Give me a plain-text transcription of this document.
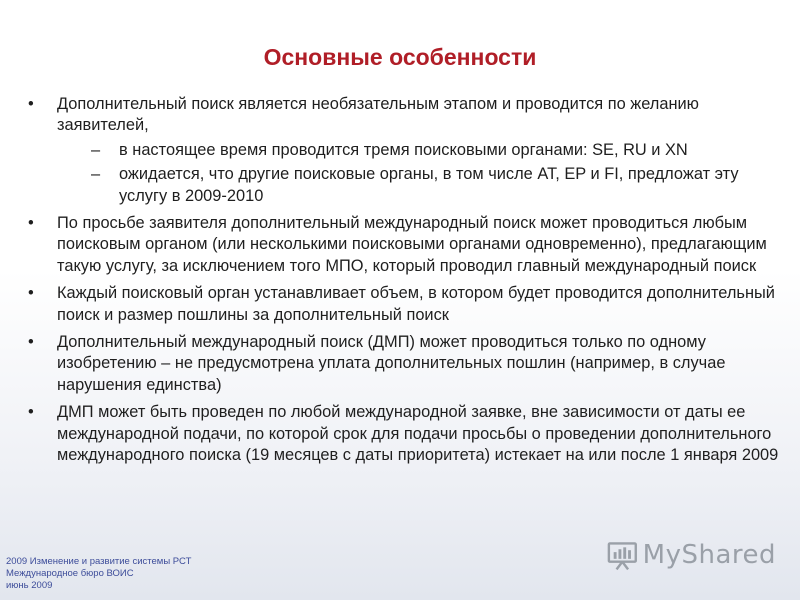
Основные особенности
•	Дополнительный поиск является необязательным этапом и проводится по желанию заявителей,
–	в настоящее время проводится тремя поисковыми органами: SE, RU и XN
–	ожидается, что другие поисковые органы, в том числе AT, EP и FI, предложат эту услугу в 2009-2010
•	По просьбе заявителя дополнительный международный поиск может проводиться любым поисковым органом (или несколькими поисковыми органами одновременно), предлагающим такую услугу, за исключением того МПО, который проводил главный международный поиск
•	Каждый поисковый орган устанавливает объем, в котором будет проводится дополнительный поиск и размер пошлины за дополнительный поиск
•	Дополнительный международный поиск (ДМП) может проводиться только по одному изобретению – не предусмотрена уплата дополнительных пошлин (например, в случае нарушения единства)
•	ДМП может быть проведен по любой международной заявке, вне зависимости от даты ее международной подачи, по которой срок для подачи просьбы о проведении дополнительного международного поиска (19 месяцев с даты приоритета) истекает на или после 1 января 2009
2009 Изменение и развитие системы РСТ
Международное бюро ВОИС
июнь 2009
MyShared
